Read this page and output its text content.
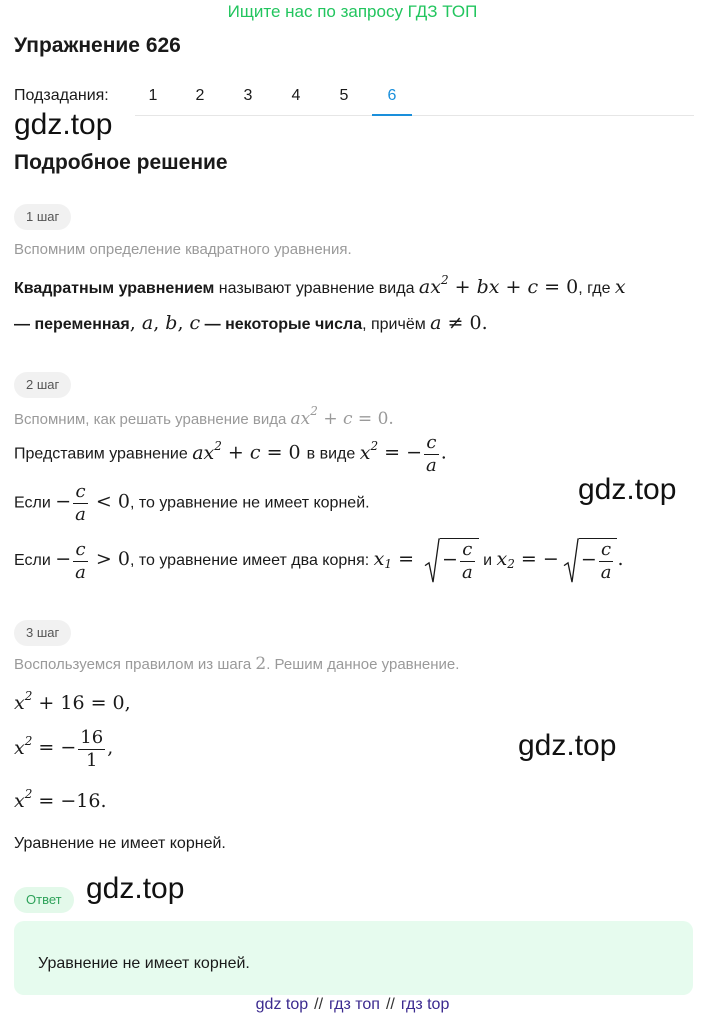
Ищите нас по запросу ГДЗ ТОП
Упражнение 626
Подзадания:	1	2	3	4	5	6
gdz.top
Подробное решение
1 шаг
Вспомним определение квадратного уравнения.
Квадратным уравнением называют уравнение вида $ax^2$ + bx + c = 0, где x
— переменная, a, b, c — некоторые числа, причём a ≠ 0.
2 шаг
Вспомним, как решать уравнение вида $ax^2 + c = 0$.
Представим уравнение $ax^2 + c = 0$ в виде $x^2$ = − $\frac{c}{a}$ .
Если − $\frac{c}{a} < 0$, то уравнение не имеет корней.
Если − $\frac{c}{a} > 0$, то уравнение имеет два корня: $x_1$ =
− $\frac{c}{a}$ и $x_2$ = − − $\frac{c}{a}$ .
gdz.top
3 шаг
Воспользуемся правилом из шага 2. Решим данное уравнение.
$x^2 + 16 = 0$,
$x^2$ = − $\frac{16}{1}$ ,
$x^2 = -16$.
Уравнение не имеет корней.
gdz.top
Ответ gdz.top
Уравнение не имеет корней.
gdz top // гдз топ // гдз top
